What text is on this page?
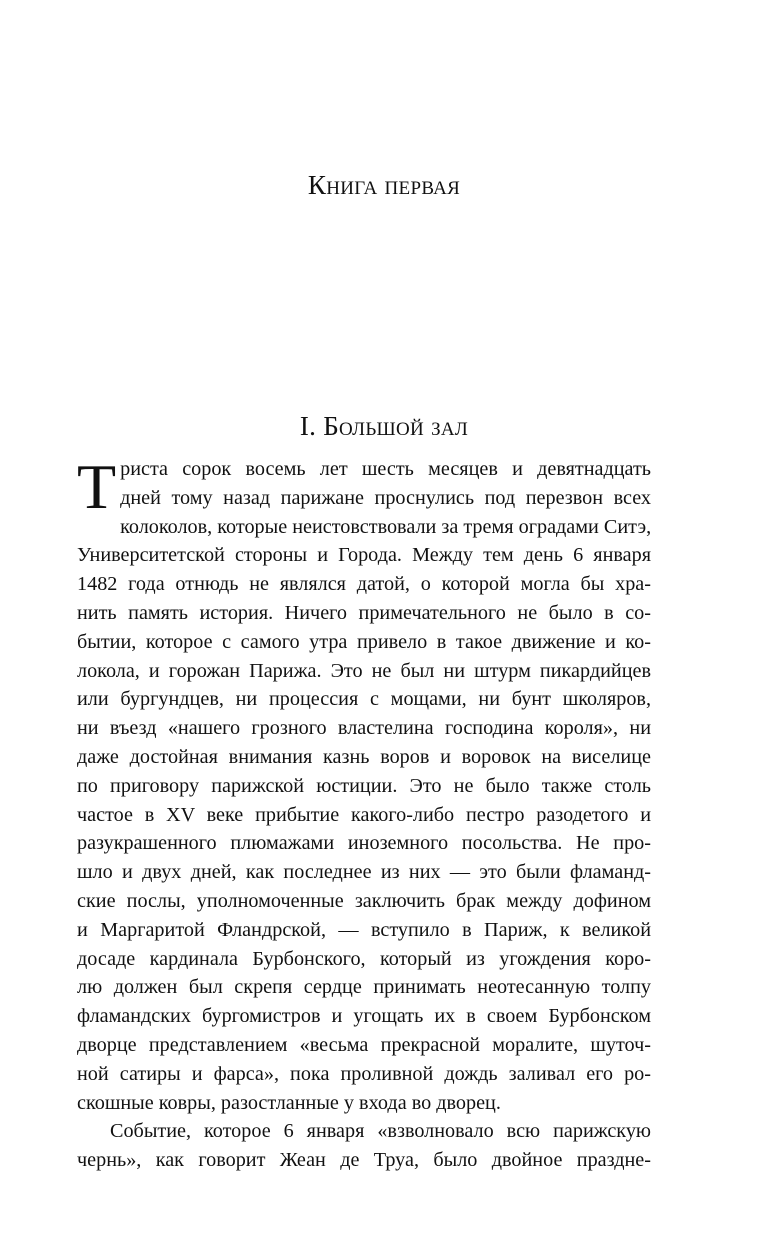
Книга первая
I. Большой зал

Т риста сорок восемь лет шесть месяцев и девятнадцать
дней тому назад парижане проснулись под перезвон всех
колоколов, которые неистовствовали за тремя оградами Ситэ,
Университетской стороны и Города. Между тем день 6 января
1482 года отнюдь не являлся датой, о которой могла бы хра-
нить память история. Ничего примечательного не было в со-
бытии, которое с самого утра привело в такое движение и ко-
локола, и горожан Парижа. Это не был ни штурм пикардийцев
или бургундцев, ни процессия с мощами, ни бунт школяров,
ни въезд «нашего грозного властелина господина короля», ни
даже достойная внимания казнь воров и воровок на виселице
по приговору парижской юстиции. Это не было также столь
частое в XV веке прибытие какого-либо пестро разодетого и
разукрашенного плюмажами иноземного посольства. Не про-
шло и двух дней, как последнее из них — это были фламанд-
ские послы, уполномоченные заключить брак между дофином
и Маргаритой Фландрской, — вступило в Париж, к великой
досаде кардинала Бурбонского, который из угождения коро-
лю должен был скрепя сердце принимать неотесанную толпу
фламандских бургомистров и угощать их в своем Бурбонском
дворце представлением «весьма прекрасной моралите, шуточ-
ной сатиры и фарса», пока проливной дождь заливал его ро-
скошные ковры, разостланные у входа во дворец.

Событие, которое 6 января «взволновало всю парижскую
чернь», как говорит Жеан де Труа, было двойное праздне-
